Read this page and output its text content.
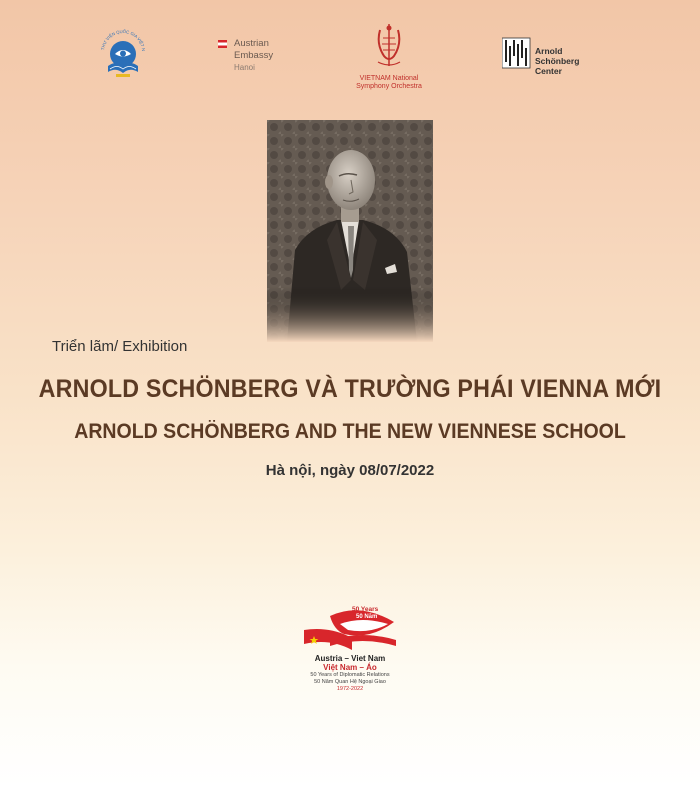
THƯ VIỆN QUỐC GIA VIỆT N
Austrian
Embassy
Hanoi
VIETNAM National
Symphony Orchestra
Arnold
Schönberg
Center
Triển lãm/ Exhibition
ARNOLD SCHÖNBERG VÀ TRƯỜNG PHÁI VIENNA MỚI
ARNOLD SCHÖNBERG AND THE NEW VIENNESE SCHOOL
Hà nội, ngày 08/07/2022
50 Years
50 Năm
Austria – Viet Nam
Việt Nam – Áo
50 Years of Diplomatic Relations
50 Năm Quan Hệ Ngoại Giao
1972-2022
